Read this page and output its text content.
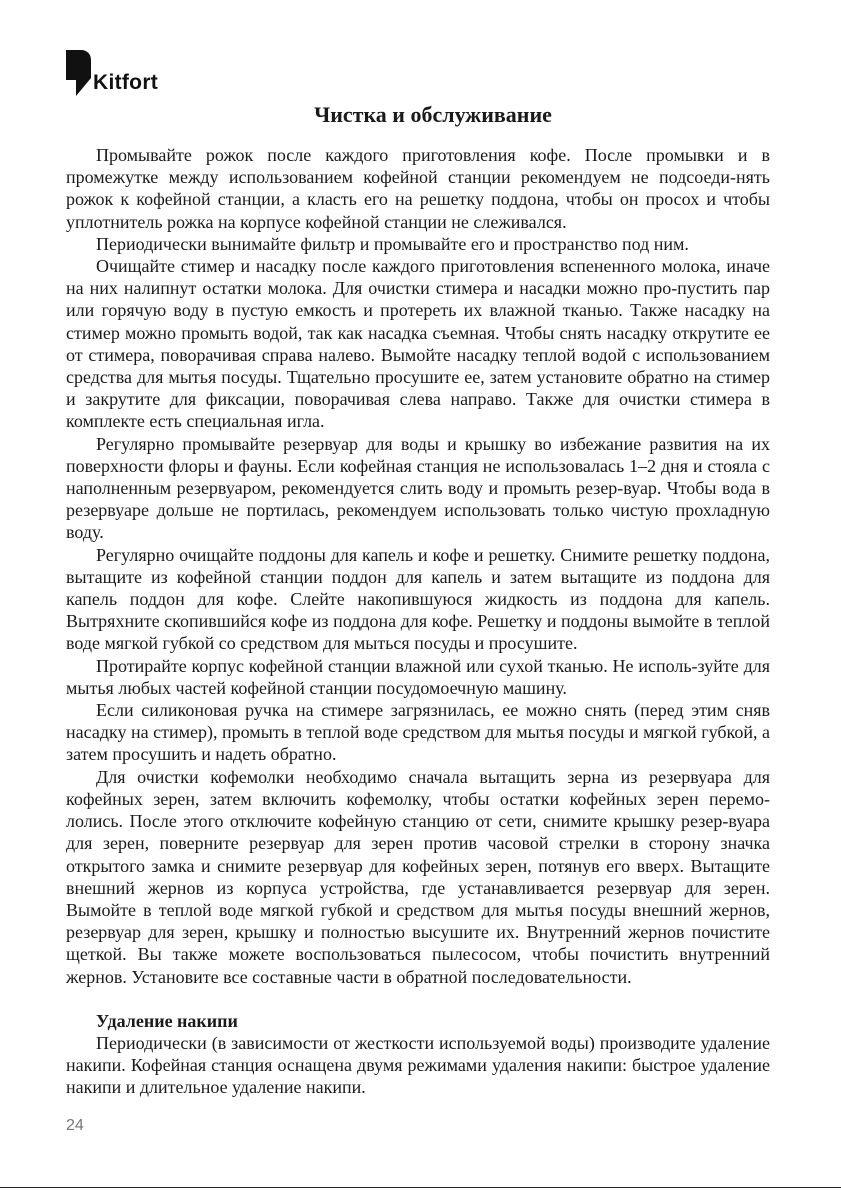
Kitfort
Чистка и обслуживание

Промывайте рожок после каждого приготовления кофе. После промывки и в промежутке между использованием кофейной станции рекомендуем не подсоеди-нять рожок к кофейной станции, а класть его на решетку поддона, чтобы он просох и чтобы уплотнитель рожка на корпусе кофейной станции не слеживался.

Периодически вынимайте фильтр и промывайте его и пространство под ним.

Очищайте стимер и насадку после каждого приготовления вспененного молока, иначе на них налипнут остатки молока. Для очистки стимера и насадки можно про-пустить пар или горячую воду в пустую емкость и протереть их влажной тканью. Также насадку на стимер можно промыть водой, так как насадка съемная. Чтобы снять насадку открутите ее от стимера, поворачивая справа налево. Вымойте насадку теплой водой с использованием средства для мытья посуды. Тщательно просушите ее, затем установите обратно на стимер и закрутите для фиксации, поворачивая слева направо. Также для очистки стимера в комплекте есть специальная игла.

Регулярно промывайте резервуар для воды и крышку во избежание развития на их поверхности флоры и фауны. Если кофейная станция не использовалась 1–2 дня и стояла с наполненным резервуаром, рекомендуется слить воду и промыть резер-вуар. Чтобы вода в резервуаре дольше не портилась, рекомендуем использовать только чистую прохладную воду.

Регулярно очищайте поддоны для капель и кофе и решетку. Снимите решетку поддона, вытащите из кофейной станции поддон для капель и затем вытащите из поддона для капель поддон для кофе. Слейте накопившуюся жидкость из поддона для капель. Вытряхните скопившийся кофе из поддона для кофе. Решетку и поддоны вымойте в теплой воде мягкой губкой со средством для мыться посуды и просушите.

Протирайте корпус кофейной станции влажной или сухой тканью. Не исполь-зуйте для мытья любых частей кофейной станции посудомоечную машину.

Если силиконовая ручка на стимере загрязнилась, ее можно снять (перед этим сняв насадку на стимер), промыть в теплой воде средством для мытья посуды и мягкой губкой, а затем просушить и надеть обратно.

Для очистки кофемолки необходимо сначала вытащить зерна из резервуара для кофейных зерен, затем включить кофемолку, чтобы остатки кофейных зерен перемо-лолись. После этого отключите кофейную станцию от сети, снимите крышку резер-вуара для зерен, поверните резервуар для зерен против часовой стрелки в сторону значка открытого замка и снимите резервуар для кофейных зерен, потянув его вверх. Вытащите внешний жернов из корпуса устройства, где устанавливается резервуар для зерен. Вымойте в теплой воде мягкой губкой и средством для мытья посуды внешний жернов, резервуар для зерен, крышку и полностью высушите их. Внутренний жернов почистите щеткой. Вы также можете воспользоваться пылесосом, чтобы почистить внутренний жернов. Установите все составные части в обратной последовательности.

Удаление накипи

Периодически (в зависимости от жесткости используемой воды) производите удаление накипи. Кофейная станция оснащена двумя режимами удаления накипи: быстрое удаление накипи и длительное удаление накипи.

24
